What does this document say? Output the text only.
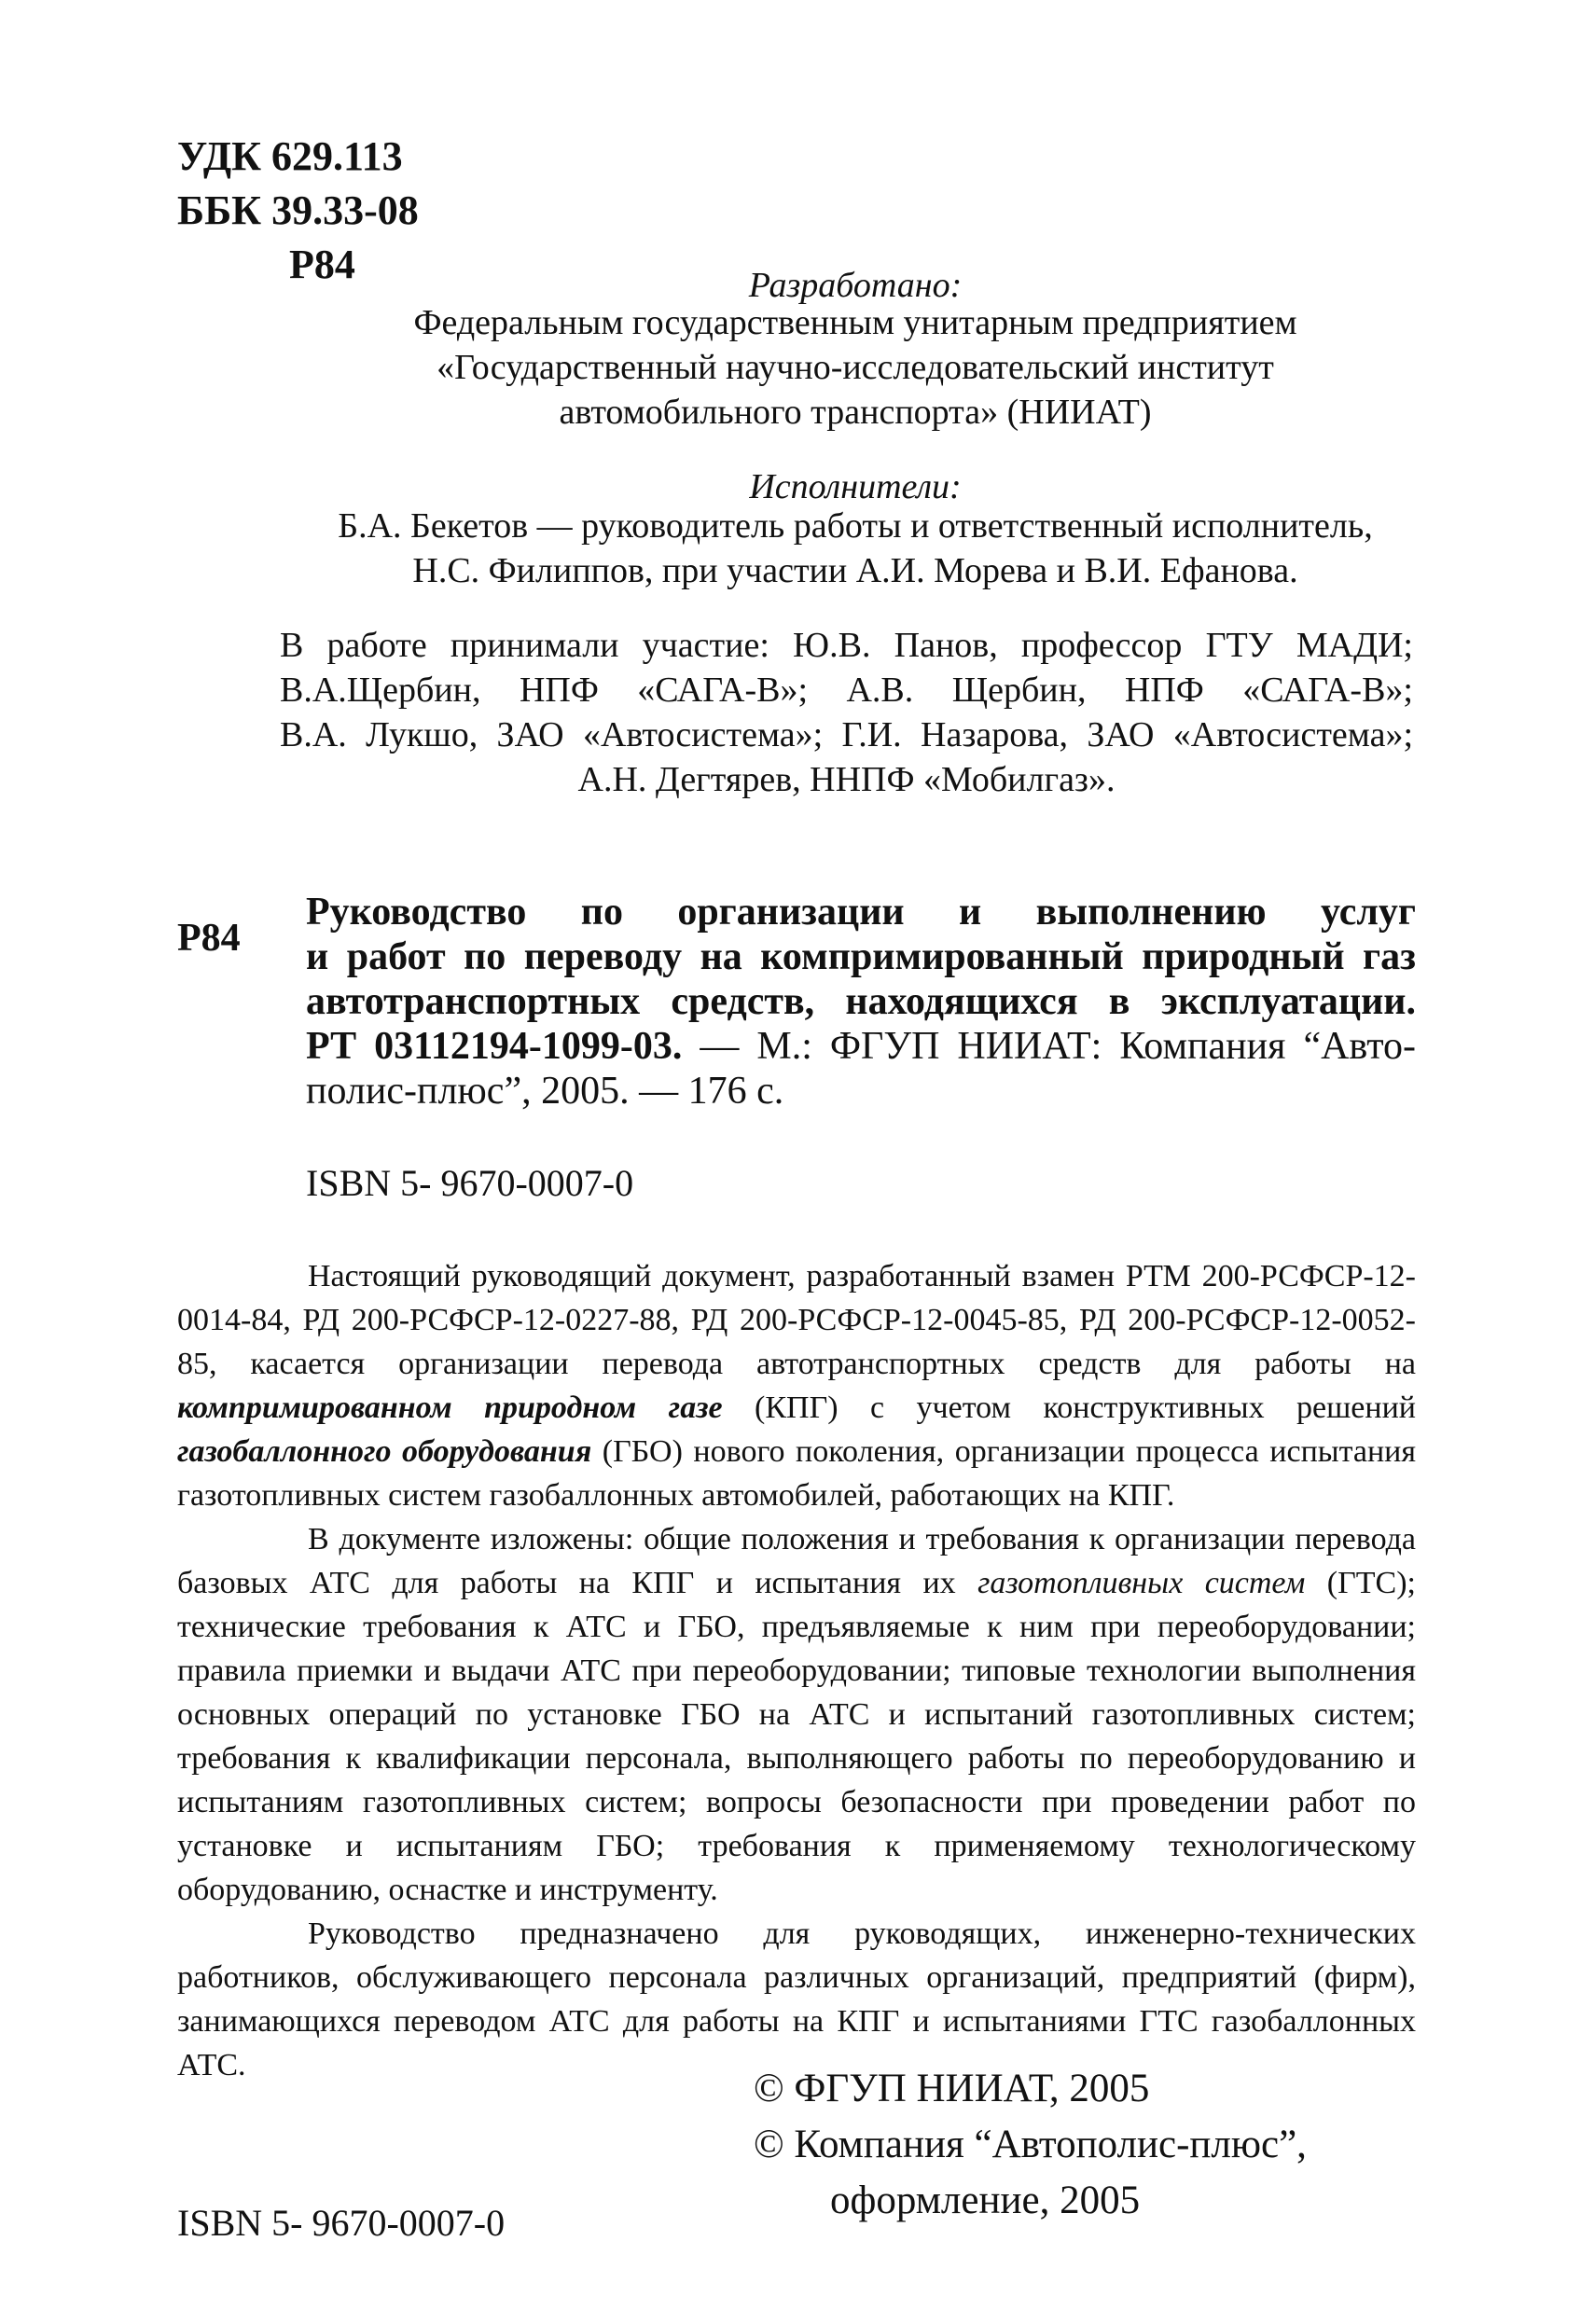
УДК 629.113
ББК 39.33-08
Р84	Разработано:
Федеральным государственным унитарным предприятием
«Государственный научно-исследовательский институт
автомобильного транспорта» (НИИАТ)
Исполнители:
Б.А. Бекетов — руководитель работы и ответственный исполнитель,
Н.С. Филиппов, при участии А.И. Морева и В.И. Ефанова.
В работе принимали участие: Ю.В. Панов, профессор ГТУ МАДИ;
В.А.Щербин, НПФ «САГА-В»; А.В. Щербин, НПФ «САГА-В»;
В.А. Лукшо, ЗАО «Автосистема»; Г.И. Назарова, ЗАО «Автосистема»;
А.Н. Дегтярев, ННПФ «Мобилгаз».
Р84
Руководство по организации и выполнению услуг
и работ по переводу на компримированный природный газ
автотранспортных средств, находящихся в эксплуатации.
РТ 03112194-1099-03. — М.: ФГУП НИИАТ: Компания “Авто-
полис-плюс”, 2005. — 176 с.
ISBN 5- 9670-0007-0

Настоящий руководящий документ, разработанный взамен РТМ 200-РСФСР-12-0014-84, РД 200-РСФСР-12-0227-88, РД 200-РСФСР-12-0045-85, РД 200-РСФСР-12-0052-85, касается организации перевода автотранспортных средств для работы на компримированном природном газе (КПГ) с учетом конструктивных решений газобаллонного оборудования (ГБО) нового поколения, организации процесса испытания газотопливных систем газобаллонных автомобилей, работающих на КПГ.

В документе изложены: общие положения и требования к организации перевода базовых АТС для работы на КПГ и испытания их газотопливных систем (ГТС); технические требования к АТС и ГБО, предъявляемые к ним при переоборудовании; правила приемки и выдачи АТС при переоборудовании; типовые технологии выполнения основных операций по установке ГБО на АТС и испытаний газотопливных систем; требования к квалификации персонала, выполняющего работы по переоборудованию и испытаниям газотопливных систем; вопросы безопасности при проведении работ по установке и испытаниям ГБО; требования к применяемому технологическому оборудованию, оснастке и инструменту.

Руководство предназначено для руководящих, инженерно-технических работников, обслуживающего персонала различных организаций, предприятий (фирм), занимающихся переводом АТС для работы на КПГ и испытаниями ГТС газобаллонных АТС.

ISBN 5- 9670-0007-0
© ФГУП НИИАТ, 2005
© Компания “Автополис-плюс”,
оформление, 2005
